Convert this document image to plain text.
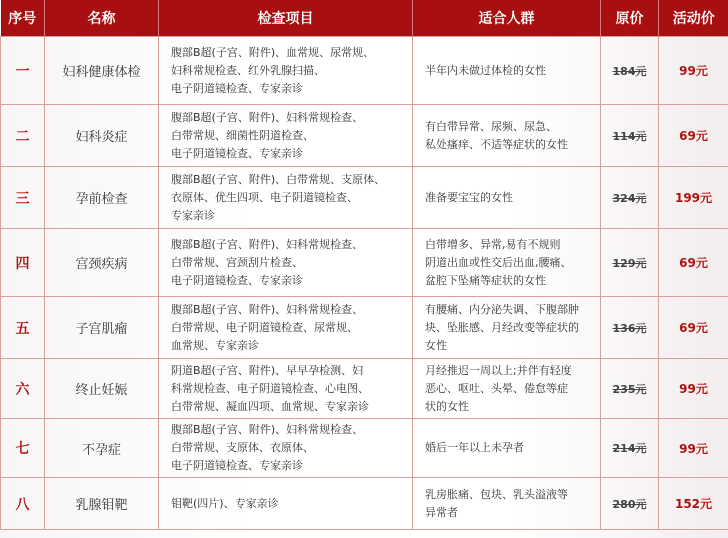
序号	名称	检查项目	适合人群	原价	活动价
一	妇科健康体检	腹部B超(子宫、附件)、血常规、尿常规、
妇科常规检查、红外乳腺扫描、
电子阴道镜检查、专家亲诊	半年内未做过体检的女性	184元	99元
二	妇科炎症	腹部B超(子宫、附件)、妇科常规检查、
白带常规、细菌性阴道检查、
电子阴道镜检查、专家亲诊	有白带异常、尿频、尿急、
私处瘙痒、不适等症状的女性	114元	69元
三	孕前检查	腹部B超(子宫、附件)、白带常规、支原体、
衣原体、优生四项、电子阴道镜检查、
专家亲诊	准备要宝宝的女性	324元	199元
四	宫颈疾病	腹部B超(子宫、附件)、妇科常规检查、
白带常规、宫颈刮片检查、
电子阴道镜检查、专家亲诊	白带增多、异常,易有不规则
阴道出血或性交后出血,腰痛、
盆腔下坠痛等症状的女性	129元	69元
五	子宫肌瘤	腹部B超(子宫、附件)、妇科常规检查、
白带常规、电子阴道镜检查、尿常规、
血常规、专家亲诊	有腰痛、内分泌失调、下腹部肿
块、坠胀感、月经改变等症状的
女性	136元	69元
六	终止妊娠	阴道B超(子宫、附件)、早早孕检测、妇
科常规检查、电子阴道镜检查、心电图、
白带常规、凝血四项、血常规、专家亲诊	月经推迟一周以上;并伴有轻度
恶心、呕吐、头晕、倦怠等症
状的女性	235元	99元
七	不孕症	腹部B超(子宫、附件)、妇科常规检查、
白带常规、支原体、衣原体、
电子阴道镜检查、专家亲诊	婚后一年以上未孕者	214元	99元
八	乳腺钼靶	钼靶(四片)、专家亲诊	乳房胀痛、包块、乳头溢液等
异常者	280元	152元
